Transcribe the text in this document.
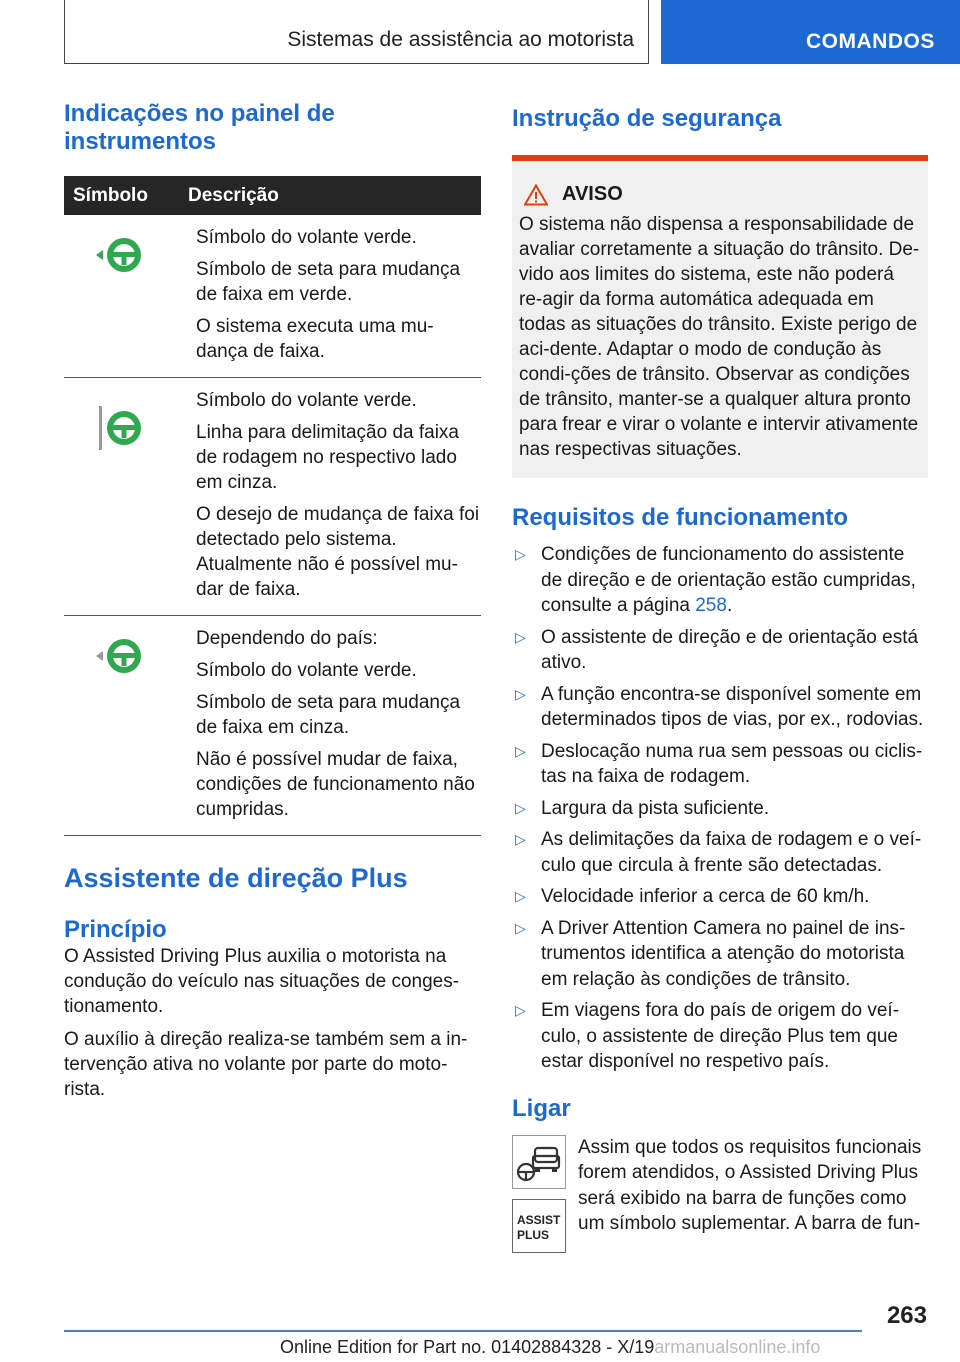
Sistemas de assistência ao motorista	COMANDOS
Indicações no painel de instrumentos
Símbolo	Descrição

Símbolo do volante verde.

Símbolo de seta para mudança de faixa em verde.

O sistema executa uma mu-dança de faixa.

Símbolo do volante verde.

Linha para delimitação da faixa de rodagem no respectivo lado em cinza.

O desejo de mudança de faixa foi detectado pelo sistema. Atualmente não é possível mu-dar de faixa.

Dependendo do país:

Símbolo do volante verde.

Símbolo de seta para mudança de faixa em cinza.

Não é possível mudar de faixa, condições de funcionamento não cumpridas.

Assistente de direção Plus
Princípio

O Assisted Driving Plus auxilia o motorista na condução do veículo nas situações de conges-tionamento.

O auxílio à direção realiza-se também sem a in-tervenção ativa no volante por parte do moto-rista.

Instrução de segurança
AVISO

O sistema não dispensa a responsabilidade de avaliar corretamente a situação do trânsito. De-vido aos limites do sistema, este não poderá re-agir da forma automática adequada em todas as situações do trânsito. Existe perigo de aci-dente. Adaptar o modo de condução às condi-ções de trânsito. Observar as condições de trânsito, manter-se a qualquer altura pronto para frear e virar o volante e intervir ativamente nas respectivas situações.

Requisitos de funcionamento
▷ Condições de funcionamento do assistente de direção e de orientação estão cumpridas, consulte a página 258.
▷ O assistente de direção e de orientação está ativo.
▷ A função encontra-se disponível somente em determinados tipos de vias, por ex., rodovias.
▷ Deslocação numa rua sem pessoas ou ciclis-tas na faixa de rodagem.
▷ Largura da pista suficiente.
▷ As delimitações da faixa de rodagem e o veí-culo que circula à frente são detectadas.
▷ Velocidade inferior a cerca de 60 km/h.
▷ A Driver Attention Camera no painel de ins-trumentos identifica a atenção do motorista em relação às condições de trânsito.
▷ Em viagens fora do país de origem do veí-culo, o assistente de direção Plus tem que estar disponível no respetivo país.
Ligar
ASSIST PLUS
Assim que todos os requisitos funcionais forem atendidos, o Assisted Driving Plus será exibido na barra de funções como um símbolo suplementar. A barra de fun-
263
Online Edition for Part no. 01402884328 - X/19armanualsonline.info
